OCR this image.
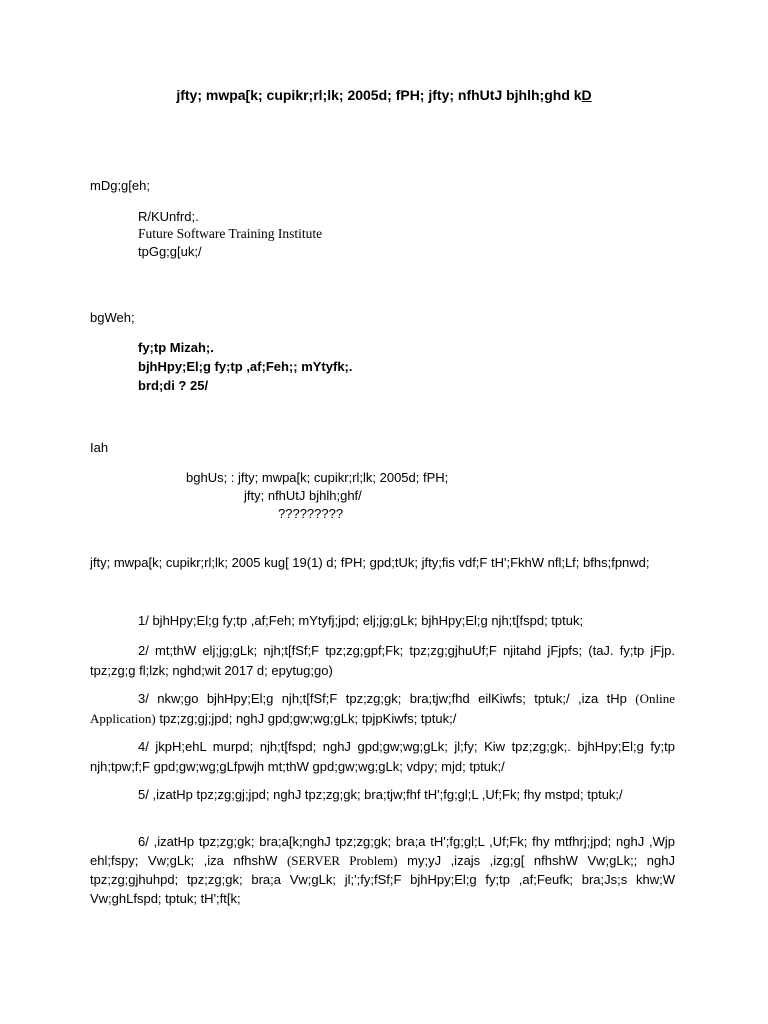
jfty; mwpa[k; cupikr;rl;lk; 2005d; fPH; jfty; nfhUtJ bjhlh;ghd kD
mDg;g[eh;
R/KUnfrd;.
Future Software Training Institute
tpGg;g[uk;/
bgWeh;
fy;tp Mizah;.
bjhHpy;El;g fy;tp ,af;Feh;; mYtyfk;.
brd;di ? 25/
Iah
bghUs; : jfty; mwpa[k; cupikr;rl;lk; 2005d; fPH;
jfty; nfhUtJ bjhlh;ghf/
?????????
jfty; mwpa[k; cupikr;rl;lk; 2005 kug[ 19(1) d; fPH; gpd;tUk; jfty;fis vdf;F tH';FkhW nfl;Lf; bfhs;fpnwd;
1/ bjhHpy;El;g fy;tp ,af;Feh; mYtyfj;jpd; elj;jg;gLk; bjhHpy;El;g njh;t[fspd; tptuk;
2/ mt;thW elj;jg;gLk; njh;t[fSf;F tpz;zg;gpf;Fk; tpz;zg;gjhuUf;F njitahd jFjpfs; (taJ. fy;tp jFjp. tpz;zg;g fl;lzk; nghd;wit 2017 d; epytug;go)
3/ nkw;go bjhHpy;El;g njh;t[fSf;F tpz;zg;gk; bra;tjw;fhd eilKiwfs; tptuk;/ ,iza tHp (Online Application) tpz;zg;gj;jpd; nghJ gpd;gw;wg;gLk; tpjpKiwfs; tptuk;/
4/ jkpH;ehL murpd; njh;t[fspd; nghJ gpd;gw;wg;gLk; jl;fy; Kiw tpz;zg;gk;. bjhHpy;El;g fy;tp njh;tpw;f;F gpd;gw;wg;gLfpwjh mt;thW gpd;gw;wg;gLk; vdpy; mjd; tptuk;/
5/ ,izatHp tpz;zg;gj;jpd; nghJ tpz;zg;gk; bra;tjw;fhf tH';fg;gl;L ,Uf;Fk; fhy mstpd; tptuk;/
6/ ,izatHp tpz;zg;gk; bra;a[k;nghJ tpz;zg;gk; bra;a tH';fg;gl;L ,Uf;Fk; fhy mtfhrj;jpd; nghJ ,Wjp ehl;fspy; Vw;gLk; ,iza nfhshW (SERVER Problem) my;yJ ,izajs ,izg;g[ nfhshW Vw;gLk;; nghJ tpz;zg;gjhuhpd; tpz;zg;gk; bra;a Vw;gLk; jl;';fy;fSf;F bjhHpy;El;g fy;tp ,af;Feufk; bra;Js;s khw;W Vw;ghLfspd; tptuk; tH';ft[k;
